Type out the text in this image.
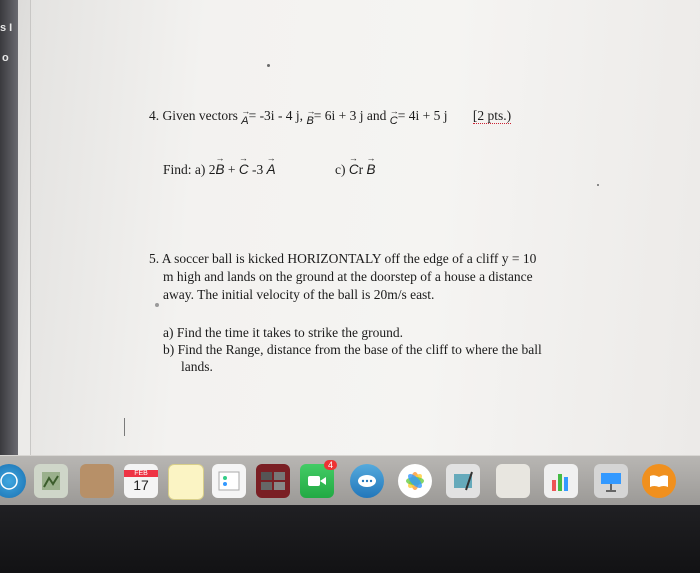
s I
o
4. Given vectors → A= -3i - 4 j, → B= 6i + 3 j and → C= 4i + 5 j [2 pts.)
Find: a) 2→ B + → C -3 → A	c) → Cr → B
5. A soccer ball is kicked HORIZONTALY off the edge of a cliff y = 10
m high and lands on the ground at the doorstep of a house a distance
away. The initial velocity of the ball is 20m/s east.
a) Find the time it takes to strike the ground.
b) Find the Range, distance from the base of the cliff to where the ball
lands.
FEB
17
4
